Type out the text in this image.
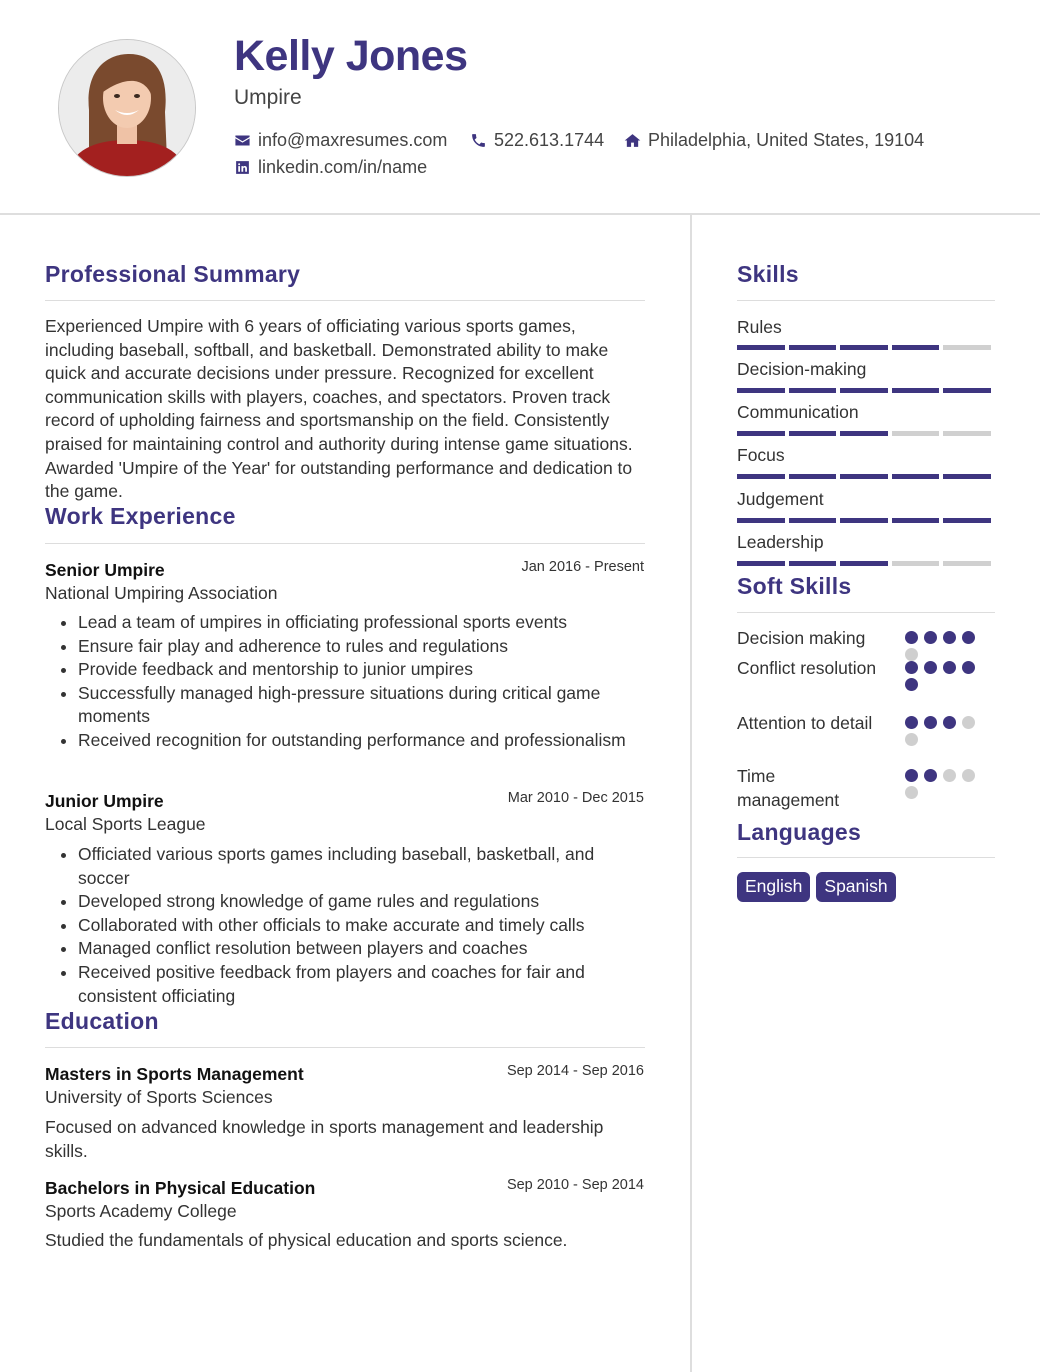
Kelly Jones
Umpire
info@maxresumes.com	522.613.1744 Philadelphia, United States, 19104
linkedin.com/in/name
Professional Summary

Experienced Umpire with 6 years of officiating various sports games, including baseball, softball, and basketball. Demonstrated ability to make quick and accurate decisions under pressure. Recognized for excellent communication skills with players, coaches, and spectators. Proven track record of upholding fairness and sportsmanship on the field. Consistently praised for maintaining control and authority during intense game situations. Awarded 'Umpire of the Year' for outstanding performance and dedication to the game.

Work Experience
Senior Umpire	Jan 2016 - Present
National Umpiring Association
• Lead a team of umpires in officiating professional sports events
• Ensure fair play and adherence to rules and regulations
• Provide feedback and mentorship to junior umpires
• Successfully managed high-pressure situations during critical game moments
• Received recognition for outstanding performance and professionalism
Junior Umpire	Mar 2010 - Dec 2015
Local Sports League
• Officiated various sports games including baseball, basketball, and soccer
• Developed strong knowledge of game rules and regulations
• Collaborated with other officials to make accurate and timely calls
• Managed conflict resolution between players and coaches
• Received positive feedback from players and coaches for fair and consistent officiating
Education
Masters in Sports Management	Sep 2014 - Sep 2016
University of Sports Sciences

Focused on advanced knowledge in sports management and leadership skills.

Bachelors in Physical Education	Sep 2010 - Sep 2014
Sports Academy College

Studied the fundamentals of physical education and sports science.

Skills
Rules
Decision-making
Communication
Focus
Judgement
Leadership
Soft Skills
Decision making
Conflict resolution
Attention to detail
Time management
Languages
English	Spanish
